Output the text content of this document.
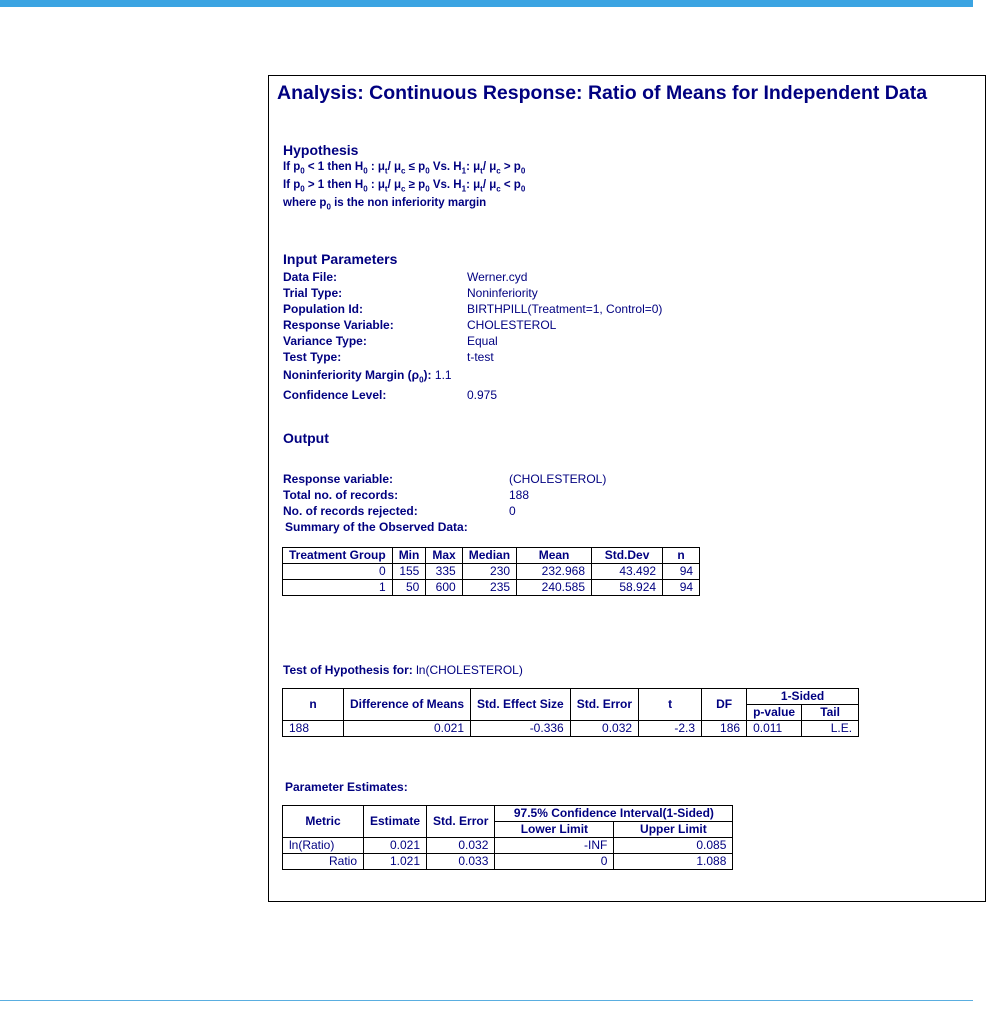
Analysis: Continuous Response: Ratio of Means for Independent Data
Hypothesis
If $p_0 < 1$ then $H_0$ : $\mu_t/$ $\mu_c \le p_0$ Vs. $H_1$: $\mu_t/$ $\mu_c > p_0$
If $p_0 > 1$ then $H_0$ : $\mu_t/$ $\mu_c \ge p_0$ Vs. $H_1$: $\mu_t/$ $\mu_c < p_0$
where $p_0$ is the non inferiority margin
Input Parameters
Data File:	Werner.cyd
Trial Type:	Noninferiority
Population Id:	BIRTHPILL(Treatment=1, Control=0)
Response Variable:	CHOLESTEROL
Variance Type:	Equal
Test Type:	t-test
Noninferiority Margin $(\rho_0)$: 1.1
Confidence Level:	0.975
Output
Response variable:	(CHOLESTEROL)
Total no. of records:	188
No. of records rejected:	0
Summary of the Observed Data:
Treatment Group	Min	Max	Median	Mean	Std.Dev	n
0	155	335	230	232.968	43.492	94
1	50	600	235	240.585	58.924	94
Test of Hypothesis for: ln(CHOLESTEROL)
n	Difference of Means	Std. Effect Size	Std. Error	t	DF	1-Sided	
						p-value	Tail
188	0.021	-0.336	0.032	-2.3	186	0.011	L.E.
Parameter Estimates:
Metric	Estimate	Std. Error	97.5% Confidence Interval(1-Sided)	
			Lower Limit	Upper Limit
ln(Ratio)	0.021	0.032	-INF	0.085
Ratio	1.021	0.033	0	1.088
